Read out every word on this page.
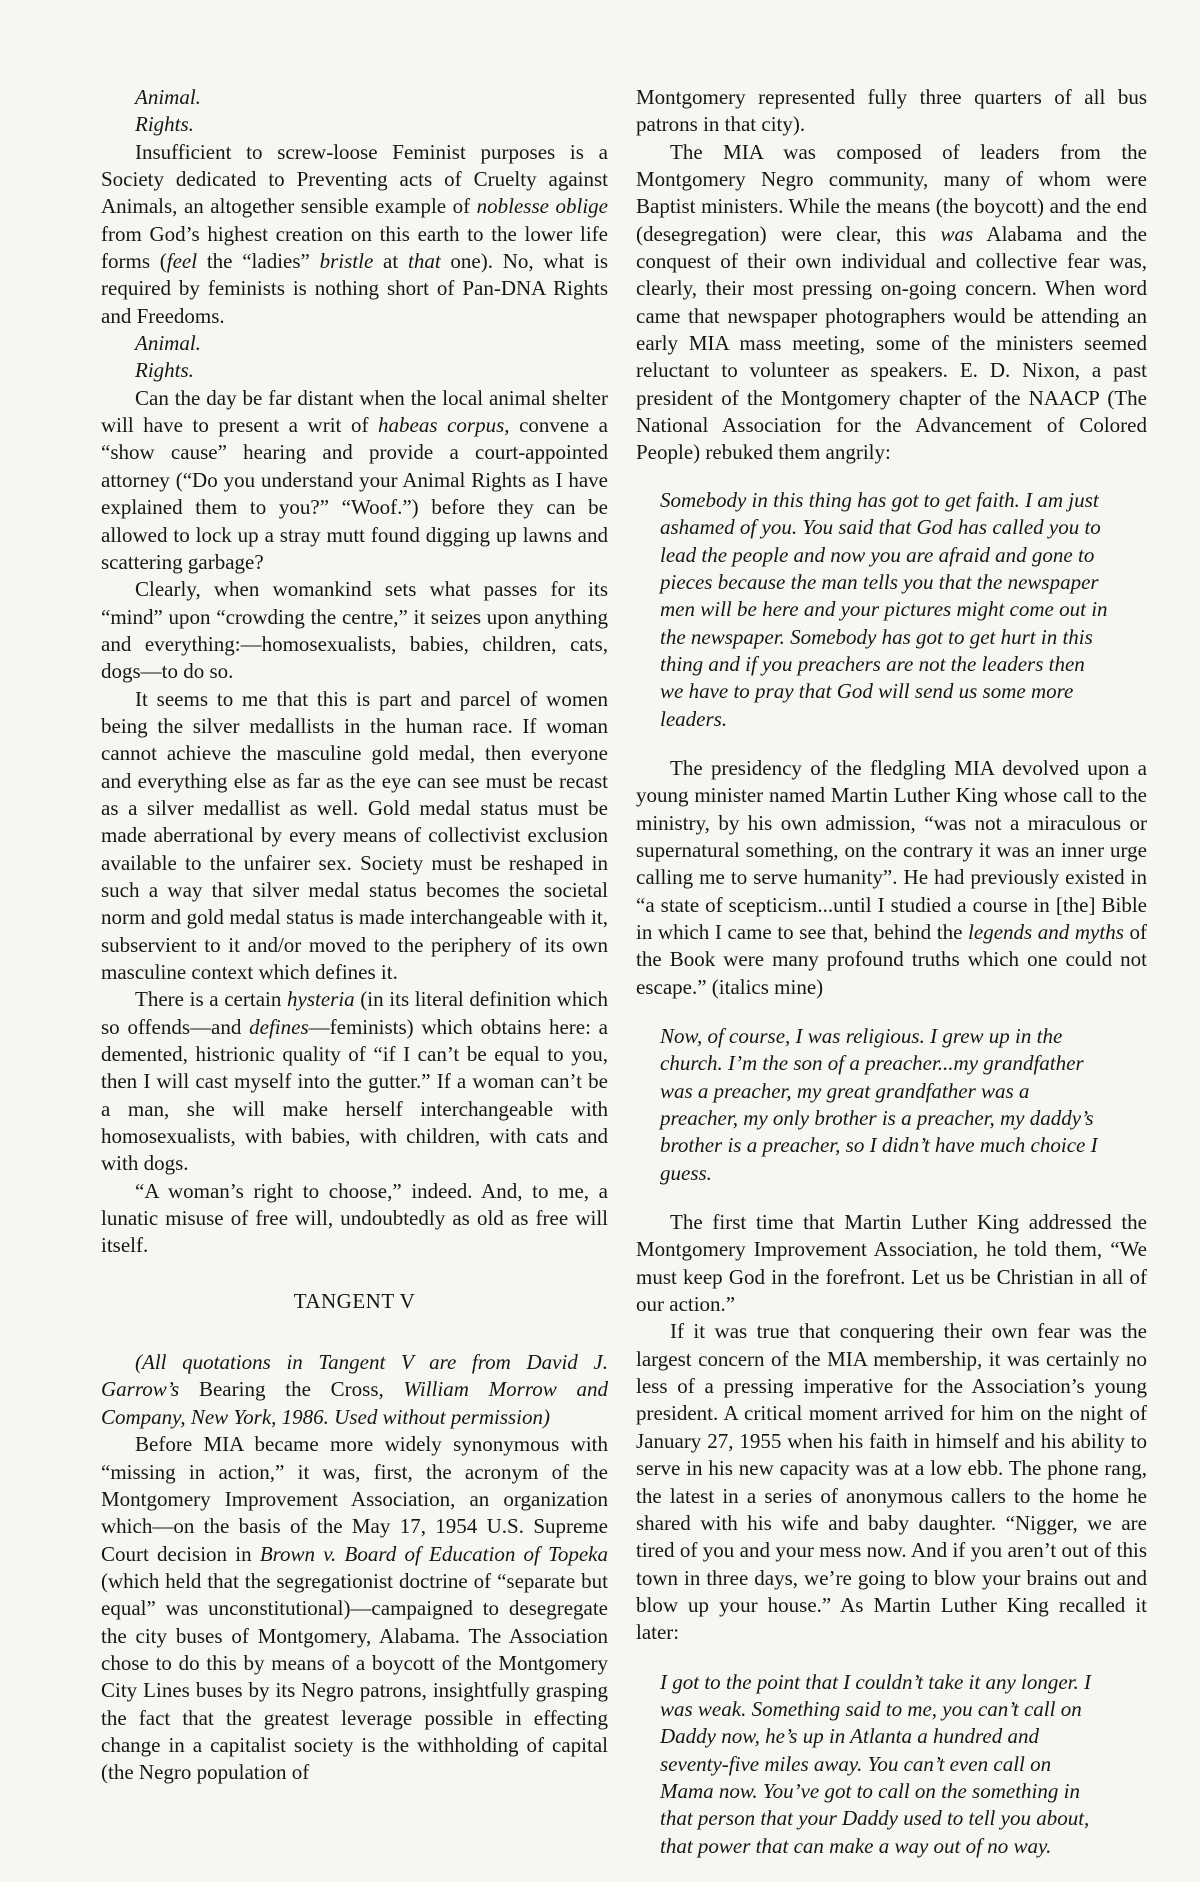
Animal.
Rights.

Insufficient to screw-loose Feminist purposes is a Society dedicated to Preventing acts of Cruelty against Animals, an altogether sensible example of noblesse oblige from God’s highest creation on this earth to the lower life forms (feel the “ladies” bristle at that one). No, what is required by feminists is nothing short of Pan-DNA Rights and Freedoms.

Animal.
Rights.

Can the day be far distant when the local animal shelter will have to present a writ of habeas corpus, convene a “show cause” hearing and provide a court-appointed attorney (“Do you understand your Animal Rights as I have explained them to you?” “Woof.”) before they can be allowed to lock up a stray mutt found digging up lawns and scattering garbage?

Clearly, when womankind sets what passes for its “mind” upon “crowding the centre,” it seizes upon anything and everything:—homosexualists, babies, children, cats, dogs—to do so.

It seems to me that this is part and parcel of women being the silver medallists in the human race. If woman cannot achieve the masculine gold medal, then everyone and everything else as far as the eye can see must be recast as a silver medallist as well. Gold medal status must be made aberrational by every means of collectivist exclusion available to the unfairer sex. Society must be reshaped in such a way that silver medal status becomes the societal norm and gold medal status is made interchangeable with it, subservient to it and/or moved to the periphery of its own masculine context which defines it.

There is a certain hysteria (in its literal definition which so offends—and defines—feminists) which obtains here: a demented, histrionic quality of “if I can’t be equal to you, then I will cast myself into the gutter.” If a woman can’t be a man, she will make herself interchangeable with homosexualists, with babies, with children, with cats and with dogs.

“A woman’s right to choose,” indeed. And, to me, a lunatic misuse of free will, undoubtedly as old as free will itself.

TANGENT V

(All quotations in Tangent V are from David J. Garrow’s Bearing the Cross, William Morrow and Company, New York, 1986. Used without permission)

Before MIA became more widely synonymous with “missing in action,” it was, first, the acronym of the Montgomery Improvement Association, an organization which—on the basis of the May 17, 1954 U.S. Supreme Court decision in Brown v. Board of Education of Topeka (which held that the segregationist doctrine of “separate but equal” was unconstitutional)—campaigned to desegregate the city buses of Montgomery, Alabama. The Association chose to do this by means of a boycott of the Montgomery City Lines buses by its Negro patrons, insightfully grasping the fact that the greatest leverage possible in effecting change in a capitalist society is the withholding of capital (the Negro population of

Montgomery represented fully three quarters of all bus patrons in that city).

The MIA was composed of leaders from the Montgomery Negro community, many of whom were Baptist ministers. While the means (the boycott) and the end (desegregation) were clear, this was Alabama and the conquest of their own individual and collective fear was, clearly, their most pressing on-going concern. When word came that newspaper photographers would be attending an early MIA mass meeting, some of the ministers seemed reluctant to volunteer as speakers. E. D. Nixon, a past president of the Montgomery chapter of the NAACP (The National Association for the Advancement of Colored People) rebuked them angrily:

Somebody in this thing has got to get faith. I am just ashamed of you. You said that God has called you to lead the people and now you are afraid and gone to pieces because the man tells you that the newspaper men will be here and your pictures might come out in the newspaper. Somebody has got to get hurt in this thing and if you preachers are not the leaders then we have to pray that God will send us some more leaders.

The presidency of the fledgling MIA devolved upon a young minister named Martin Luther King whose call to the ministry, by his own admission, “was not a miraculous or supernatural something, on the contrary it was an inner urge calling me to serve humanity”. He had previously existed in “a state of scepticism...until I studied a course in [the] Bible in which I came to see that, behind the legends and myths of the Book were many profound truths which one could not escape.” (italics mine)

Now, of course, I was religious. I grew up in the church. I’m the son of a preacher...my grandfather was a preacher, my great grandfather was a preacher, my only brother is a preacher, my daddy’s brother is a preacher, so I didn’t have much choice I guess.

The first time that Martin Luther King addressed the Montgomery Improvement Association, he told them, “We must keep God in the forefront. Let us be Christian in all of our action.”

If it was true that conquering their own fear was the largest concern of the MIA membership, it was certainly no less of a pressing imperative for the Association’s young president. A critical moment arrived for him on the night of January 27, 1955 when his faith in himself and his ability to serve in his new capacity was at a low ebb. The phone rang, the latest in a series of anonymous callers to the home he shared with his wife and baby daughter. “Nigger, we are tired of you and your mess now. And if you aren’t out of this town in three days, we’re going to blow your brains out and blow up your house.” As Martin Luther King recalled it later:

I got to the point that I couldn’t take it any longer. I was weak. Something said to me, you can’t call on Daddy now, he’s up in Atlanta a hundred and seventy-five miles away. You can’t even call on Mama now. You’ve got to call on the something in that person that your Daddy used to tell you about, that power that can make a way out of no way.
